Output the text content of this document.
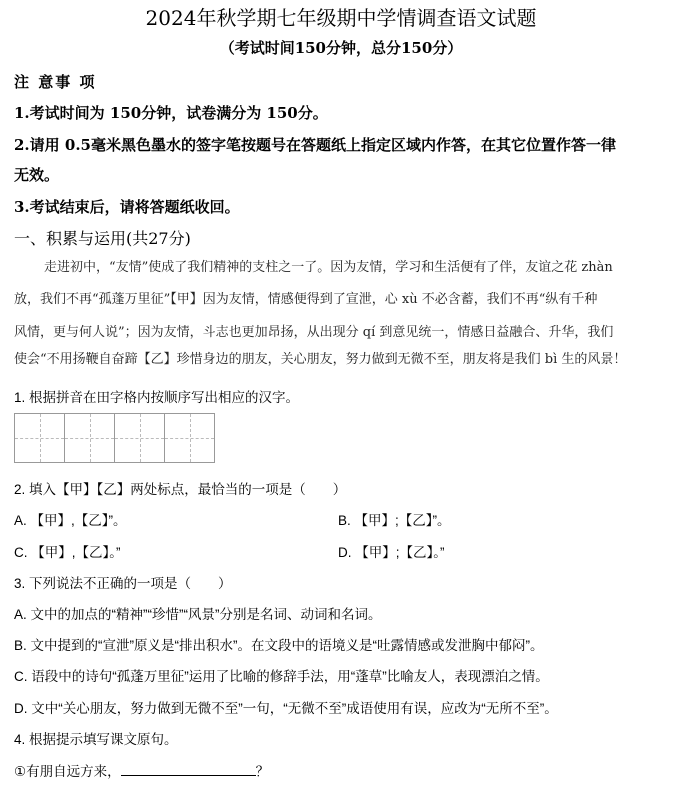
2024年秋学期七年级期中学情调查语文试题
（考试时间150分钟，总分150分）
注 意事 项
1.考试时间为 150分钟，试卷满分为 150分。
2.请用 0.5毫米黑色墨水的签字笔按题号在答题纸上指定区域内作答，在其它位置作答一律
无效。
3.考试结束后，请将答题纸收回。
一、积累与运用(共27分)
走进初中，“友情”使成了我们精神的支柱之一了。因为友情，学习和生活便有了伴，友谊之花 zhàn
放，我们不再“孤蓬万里征”【甲】因为友情，情感便得到了宣泄，心 xù 不必含蓄，我们不再“纵有千种
风情，更与何人说”；因为友情，斗志也更加昂扬，从出现分 qí 到意见统一，情感日益融合、升华，我们
使会“不用扬鞭自奋蹄【乙】珍惜身边的朋友，关心朋友，努力做到无微不至，朋友将是我们 bì 生的风景！
1. 根据拼音在田字格内按顺序写出相应的汉字。
2. 填入【甲】【乙】两处标点，最恰当的一项是（　　）
A. 【甲】,【乙】”。	B. 【甲】;【乙】”。
C. 【甲】,【乙】。”	D. 【甲】;【乙】。”
3. 下列说法不正确的一项是（　　）
A. 文中的加点的“精神”“珍惜”“风景”分别是名词、动词和名词。
B. 文中提到的“宣泄”原义是“排出积水”。在文段中的语境义是“吐露情感或发泄胸中郁闷”。
C. 语段中的诗句“孤蓬万里征”运用了比喻的修辞手法，用“蓬草”比喻友人，表现漂泊之情。
D. 文中“关心朋友，努力做到无微不至”一句，“无微不至”成语使用有误，应改为“无所不至”。
4. 根据提示填写课文原句。
①有朋自远方来，	？
